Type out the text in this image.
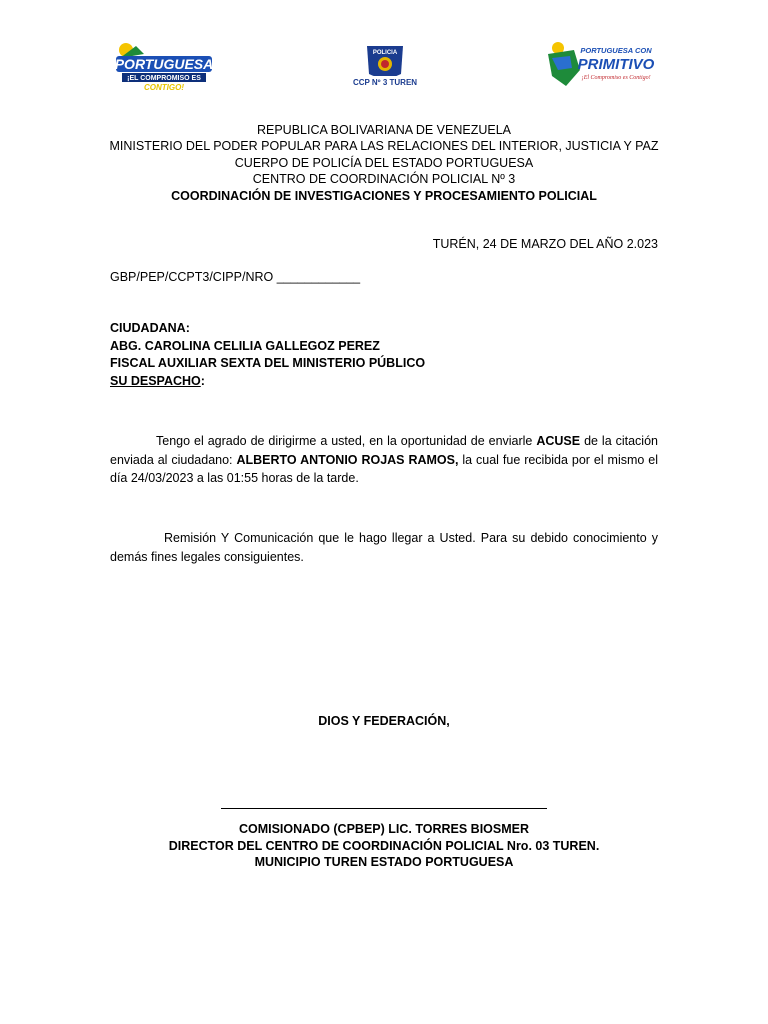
PORTUGUESA
¡EL COMPROMISO ES
CONTIGO!
POLICIA
CCP Nº 3 TUREN
PORTUGUESA CON
PRIMITIVO
¡El Compromiso es Contigo!
REPUBLICA BOLIVARIANA DE VENEZUELA
MINISTERIO DEL PODER POPULAR PARA LAS RELACIONES DEL INTERIOR, JUSTICIA Y PAZ
CUERPO DE POLICÍA DEL ESTADO PORTUGUESA
CENTRO DE COORDINACIÓN POLICIAL Nº 3
COORDINACIÓN DE INVESTIGACIONES Y PROCESAMIENTO POLICIAL
TURÉN, 24 DE MARZO DEL AÑO 2.023
GBP/PEP/CCPT3/CIPP/NRO ____________
CIUDADANA:
ABG. CAROLINA CELILIA GALLEGOZ PEREZ
FISCAL AUXILIAR SEXTA DEL MINISTERIO PÚBLICO
SU DESPACHO:
Tengo el agrado de dirigirme a usted, en la oportunidad de enviarle ACUSE de la citación enviada al ciudadano: ALBERTO ANTONIO ROJAS RAMOS, la cual fue recibida por el mismo el día 24/03/2023 a las 01:55 horas de la tarde.
Remisión Y Comunicación que le hago llegar a Usted. Para su debido conocimiento y demás fines legales consiguientes.
DIOS Y FEDERACIÓN,
COMISIONADO (CPBEP) LIC. TORRES BIOSMER
DIRECTOR DEL CENTRO DE COORDINACIÓN POLICIAL Nro. 03 TUREN.
MUNICIPIO TUREN ESTADO PORTUGUESA
